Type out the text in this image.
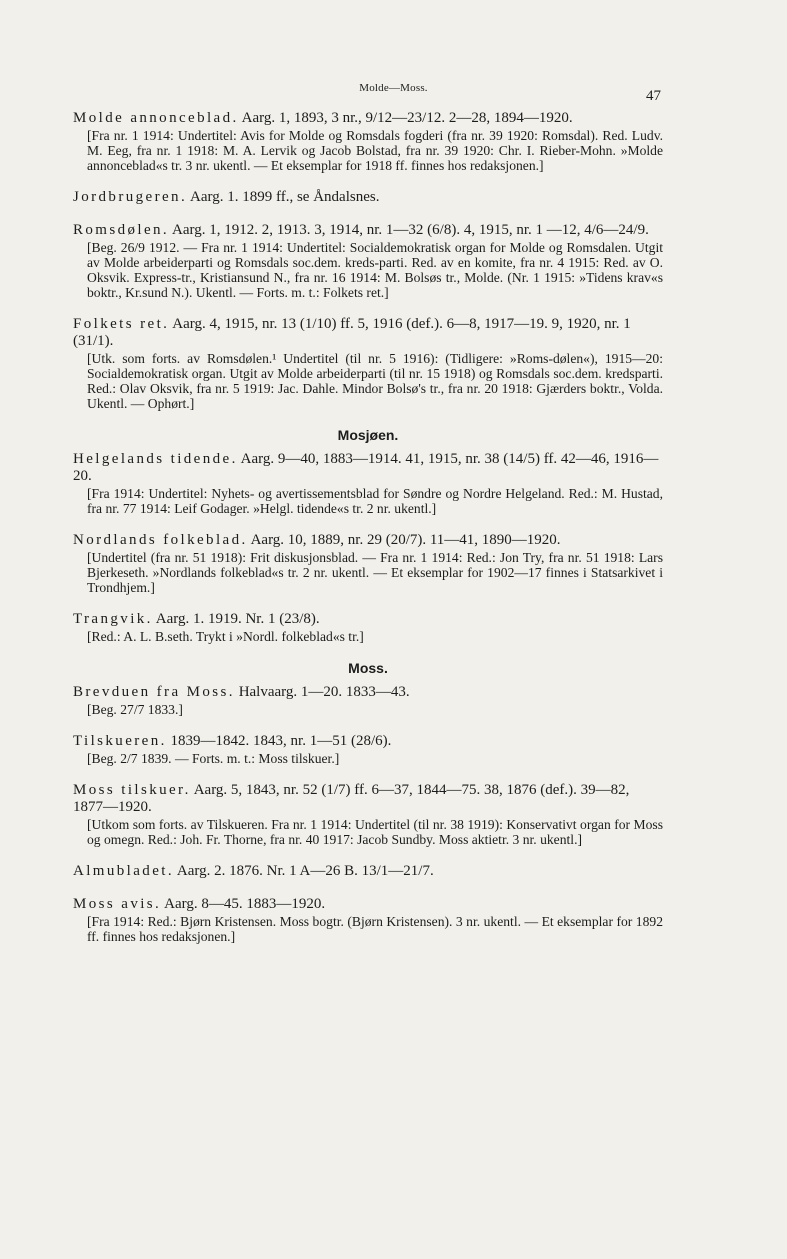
Molde—Moss.	47
Molde annonceblad. Aarg. 1, 1893, 3 nr., 9/12—23/12. 2—28, 1894—1920.
[Fra nr. 1 1914: Undertitel: Avis for Molde og Romsdals fogderi (fra nr. 39 1920: Romsdal). Red. Ludv. M. Eeg, fra nr. 1 1918: M. A. Lervik og Jacob Bolstad, fra nr. 39 1920: Chr. I. Rieber-Mohn. »Molde annonceblad«s tr. 3 nr. ukentl. — Et eksemplar for 1918 ff. finnes hos redaksjonen.]
Jordbrugeren. Aarg. 1. 1899 ff., se Åndalsnes.
Romsdølen. Aarg. 1, 1912. 2, 1913. 3, 1914, nr. 1—32 (6/8). 4, 1915, nr. 1 —12, 4/6—24/9.
[Beg. 26/9 1912. — Fra nr. 1 1914: Undertitel: Socialdemokratisk organ for Molde og Romsdalen. Utgit av Molde arbeiderparti og Romsdals soc.dem. kreds-parti. Red. av en komite, fra nr. 4 1915: Red. av O. Oksvik. Express-tr., Kristiansund N., fra nr. 16 1914: M. Bolsøs tr., Molde. (Nr. 1 1915: »Tidens krav«s boktr., Kr.sund N.). Ukentl. — Forts. m. t.: Folkets ret.]
Folkets ret. Aarg. 4, 1915, nr. 13 (1/10) ff. 5, 1916 (def.). 6—8, 1917—19. 9, 1920, nr. 1 (31/1).
[Utk. som forts. av Romsdølen.¹ Undertitel (til nr. 5 1916): (Tidligere: »Roms-dølen«), 1915—20: Socialdemokratisk organ. Utgit av Molde arbeiderparti (til nr. 15 1918) og Romsdals soc.dem. kredsparti. Red.: Olav Oksvik, fra nr. 5 1919: Jac. Dahle. Mindor Bolsø's tr., fra nr. 20 1918: Gjærders boktr., Volda. Ukentl. — Ophørt.]
Mosjøen.
Helgelands tidende. Aarg. 9—40, 1883—1914. 41, 1915, nr. 38 (14/5) ff. 42—46, 1916—20.
[Fra 1914: Undertitel: Nyhets- og avertissementsblad for Søndre og Nordre Helgeland. Red.: M. Hustad, fra nr. 77 1914: Leif Godager. »Helgl. tidende«s tr. 2 nr. ukentl.]
Nordlands folkeblad. Aarg. 10, 1889, nr. 29 (20/7). 11—41, 1890—1920.
[Undertitel (fra nr. 51 1918): Frit diskusjonsblad. — Fra nr. 1 1914: Red.: Jon Try, fra nr. 51 1918: Lars Bjerkeseth. »Nordlands folkeblad«s tr. 2 nr. ukentl. — Et eksemplar for 1902—17 finnes i Statsarkivet i Trondhjem.]
Trangvik. Aarg. 1. 1919. Nr. 1 (23/8).
[Red.: A. L. B.seth. Trykt i »Nordl. folkeblad«s tr.]
Moss.
Brevduen fra Moss. Halvaarg. 1—20. 1833—43.
[Beg. 27/7 1833.]
Tilskueren. 1839—1842. 1843, nr. 1—51 (28/6).
[Beg. 2/7 1839. — Forts. m. t.: Moss tilskuer.]
Moss tilskuer. Aarg. 5, 1843, nr. 52 (1/7) ff. 6—37, 1844—75. 38, 1876 (def.). 39—82, 1877—1920.
[Utkom som forts. av Tilskueren. Fra nr. 1 1914: Undertitel (til nr. 38 1919): Konservativt organ for Moss og omegn. Red.: Joh. Fr. Thorne, fra nr. 40 1917: Jacob Sundby. Moss aktietr. 3 nr. ukentl.]
Almubladet. Aarg. 2. 1876. Nr. 1 A—26 B. 13/1—21/7.
Moss avis. Aarg. 8—45. 1883—1920.
[Fra 1914: Red.: Bjørn Kristensen. Moss bogtr. (Bjørn Kristensen). 3 nr. ukentl. — Et eksemplar for 1892 ff. finnes hos redaksjonen.]
